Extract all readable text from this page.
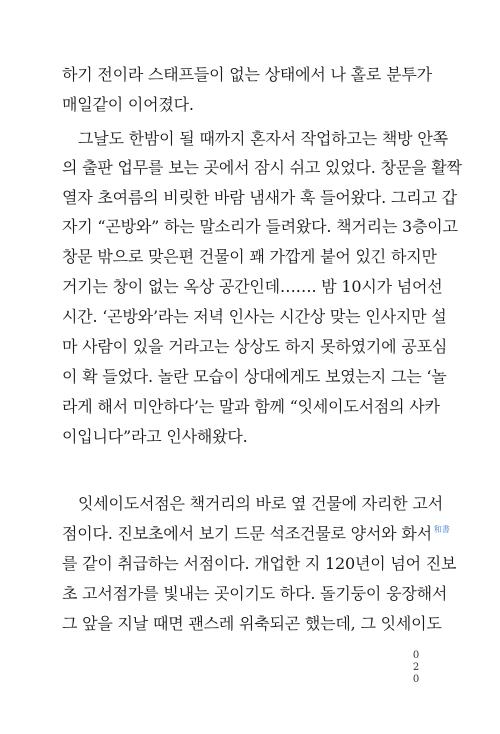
하기 전이라 스태프들이 없는 상태에서 나 홀로 분투가
매일같이 이어졌다.
그날도 한밤이 될 때까지 혼자서 작업하고는 책방 안쪽
의 출판 업무를 보는 곳에서 잠시 쉬고 있었다. 창문을 활짝
열자 초여름의 비릿한 바람 냄새가 훅 들어왔다. 그리고 갑
자기 “곤방와” 하는 말소리가 들려왔다. 책거리는 3층이고
창문 밖으로 맞은편 건물이 꽤 가깝게 붙어 있긴 하지만
거기는 창이 없는 옥상 공간인데……. 밤 10시가 넘어선
시간. ‘곤방와’라는 저녁 인사는 시간상 맞는 인사지만 설
마 사람이 있을 거라고는 상상도 하지 못하였기에 공포심
이 확 들었다. 놀란 모습이 상대에게도 보였는지 그는 ‘놀
라게 해서 미안하다’는 말과 함께 “잇세이도서점의 사카
이입니다”라고 인사해왔다.
잇세이도서점은 책거리의 바로 옆 건물에 자리한 고서
점이다. 진보초에서 보기 드문 석조건물로 양서와 화서 和書
를 같이 취급하는 서점이다. 개업한 지 120년이 넘어 진보
초 고서점가를 빛내는 곳이기도 하다. 돌기둥이 웅장해서
그 앞을 지날 때면 괜스레 위축되곤 했는데, 그 잇세이도
0
2
0
